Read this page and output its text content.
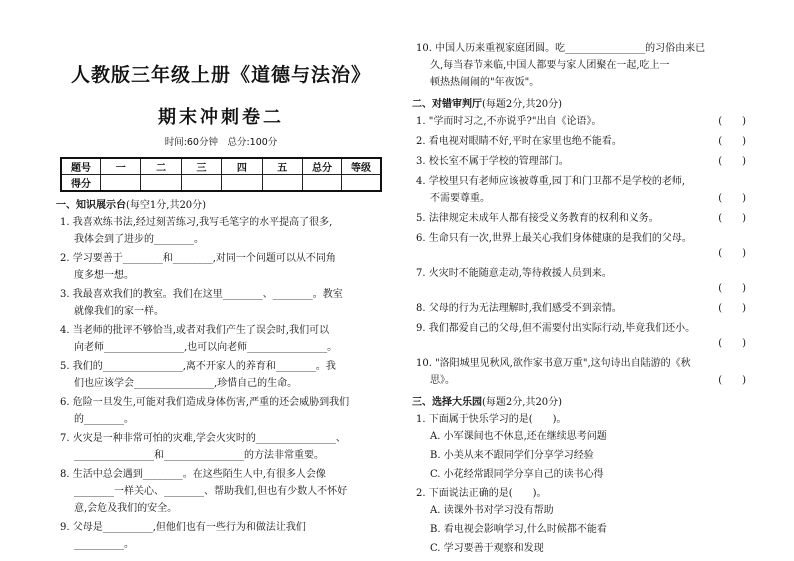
人教版三年级上册《道德与法治》
期末冲刺卷二
时间:60分钟　总分:100分
题号	一	二	三	四	五	总分	等级
得分							
一、知识展示台(每空1分,共20分)
1. 我喜欢练书法,经过刻苦练习,我写毛笔字的水平提高了很多,
我体会到了进步的________。
2. 学习要善于________和________,对同一个问题可以从不同角
度多想一想。
3. 我最喜欢我们的教室。我们在这里________、________。教室
就像我们的家一样。
4. 当老师的批评不够恰当,或者对我们产生了误会时,我们可以
向老师________________,也可以向老师________________。
5. 我们的________________,离不开家人的养育和________。我
们也应该学会________________,珍惜自己的生命。
6. 危险一旦发生,可能对我们造成身体伤害,严重的还会威胁到我们
的________。
7. 火灾是一种非常可怕的灾难,学会火灾时的________________、
________________和________________的方法非常重要。
8. 生活中总会遇到________。在这些陌生人中,有很多人会像
________一样关心、________、帮助我们,但也有少数人不怀好
意,会危及我们的安全。
9. 父母是__________,但他们也有一些行为和做法让我们
__________。
10. 中国人历来重视家庭团圆。吃________________的习俗由来已
久,每当春节来临,中国人都要与家人团聚在一起,吃上一
顿热热闹闹的"年夜饭"。
二、对错审判厅(每题2分,共20分)
1. "学而时习之,不亦说乎?"出自《论语》。	(　　)
2. 看电视对眼睛不好,平时在家里也绝不能看。	(　　)
3. 校长室不属于学校的管理部门。	(　　)
4. 学校里只有老师应该被尊重,园丁和门卫都不是学校的老师,
不需要尊重。	(　　)
5. 法律规定未成年人都有接受义务教育的权利和义务。	(　　)
6. 生命只有一次,世界上最关心我们身体健康的是我们的父母。
(　　)
7. 火灾时不能随意走动,等待救援人员到来。
(　　)
8. 父母的行为无法理解时,我们感受不到亲情。	(　　)
9. 我们都爱自己的父母,但不需要付出实际行动,毕竟我们还小。
(　　)
10. "洛阳城里见秋风,欲作家书意万重",这句诗出自陆游的《秋
思》。	(　　)
三、选择大乐园(每题2分,共20分)
1. 下面属于快乐学习的是(　　)。
A. 小军课间也不休息,还在继续思考问题
B. 小美从来不跟同学们分享学习经验
C. 小花经常跟同学分享自己的读书心得
2. 下面说法正确的是(　　)。
A. 读课外书对学习没有帮助
B. 看电视会影响学习,什么时候都不能看
C. 学习要善于观察和发现
